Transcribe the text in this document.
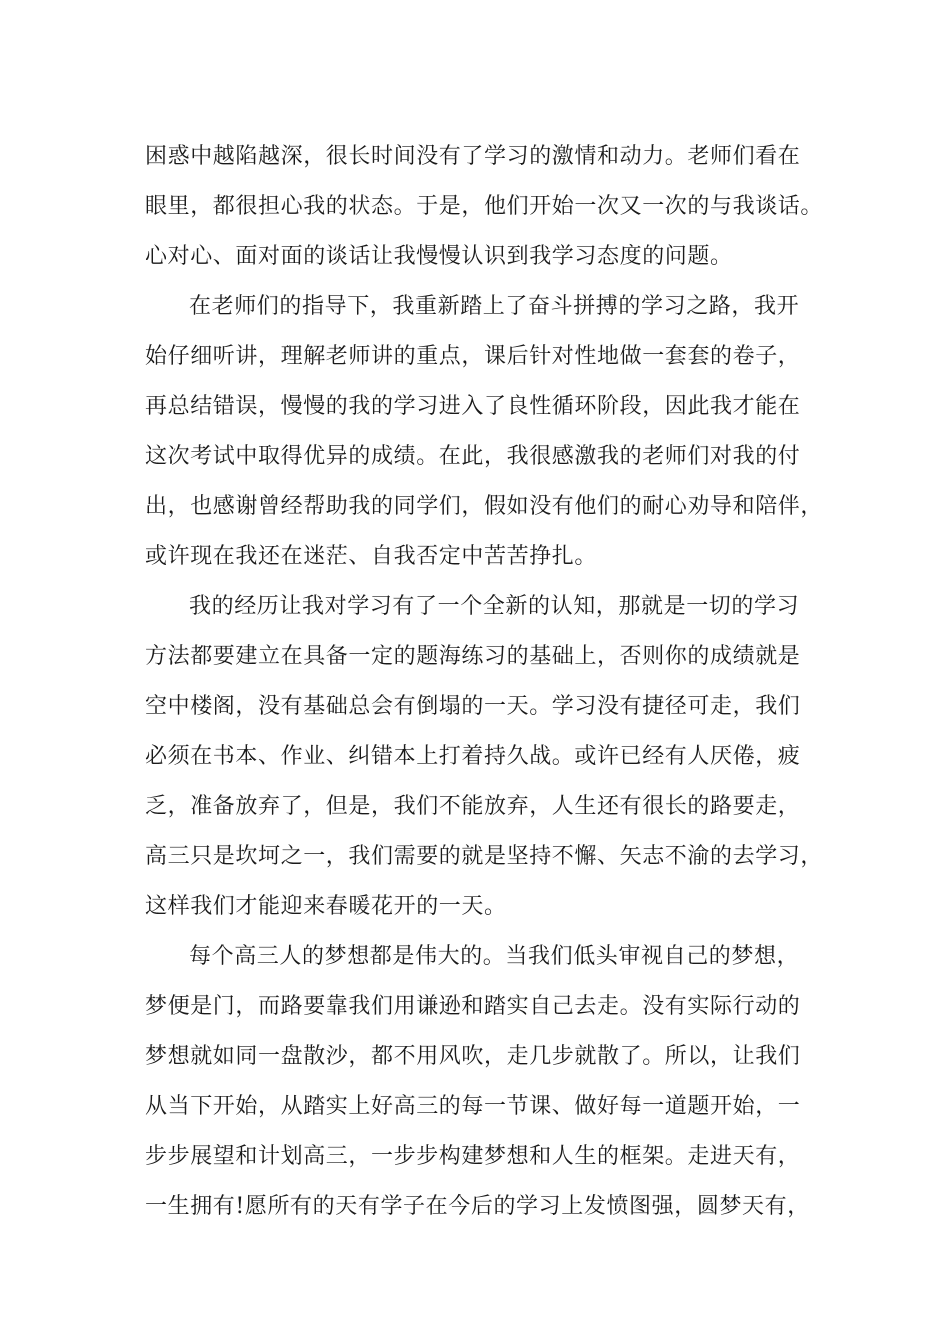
困惑中越陷越深，很长时间没有了学习的激情和动力。老师们看在
眼里，都很担心我的状态。于是，他们开始一次又一次的与我谈话。
心对心、面对面的谈话让我慢慢认识到我学习态度的问题。
在老师们的指导下，我重新踏上了奋斗拼搏的学习之路，我开
始仔细听讲，理解老师讲的重点，课后针对性地做一套套的卷子，
再总结错误，慢慢的我的学习进入了良性循环阶段，因此我才能在
这次考试中取得优异的成绩。在此，我很感激我的老师们对我的付
出，也感谢曾经帮助我的同学们，假如没有他们的耐心劝导和陪伴，
或许现在我还在迷茫、自我否定中苦苦挣扎。
我的经历让我对学习有了一个全新的认知，那就是一切的学习
方法都要建立在具备一定的题海练习的基础上，否则你的成绩就是
空中楼阁，没有基础总会有倒塌的一天。学习没有捷径可走，我们
必须在书本、作业、纠错本上打着持久战。或许已经有人厌倦，疲
乏，准备放弃了，但是，我们不能放弃，人生还有很长的路要走，
高三只是坎坷之一，我们需要的就是坚持不懈、矢志不渝的去学习，
这样我们才能迎来春暖花开的一天。
每个高三人的梦想都是伟大的。当我们低头审视自己的梦想，
梦便是门，而路要靠我们用谦逊和踏实自己去走。没有实际行动的
梦想就如同一盘散沙，都不用风吹，走几步就散了。所以，让我们
从当下开始，从踏实上好高三的每一节课、做好每一道题开始，一
步步展望和计划高三，一步步构建梦想和人生的框架。走进天有，
一生拥有!愿所有的天有学子在今后的学习上发愤图强，圆梦天有，
